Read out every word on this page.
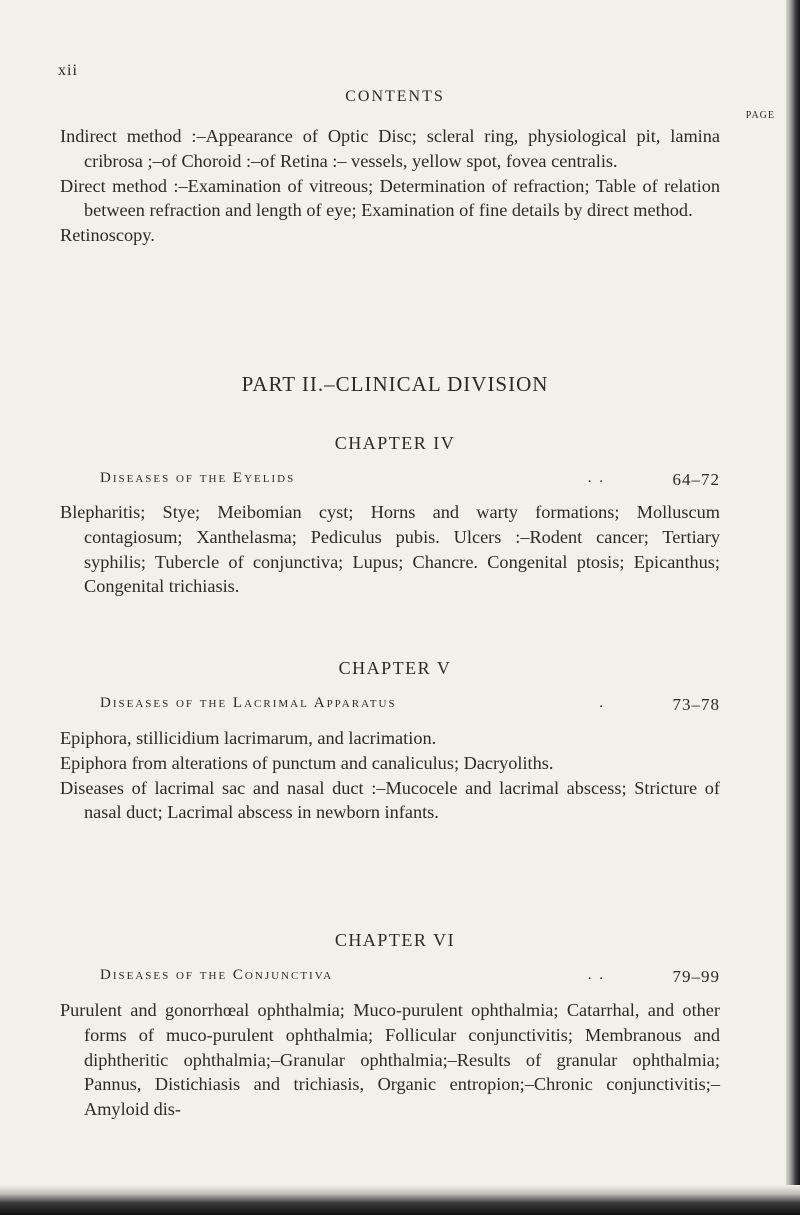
xii
CONTENTS
PAGE

Indirect method :–Appearance of Optic Disc; scleral ring, physiological pit, lamina cribrosa ;–of Choroid :–of Retina :– vessels, yellow spot, fovea centralis.

Direct method :–Examination of vitreous; Determination of refraction; Table of relation between refraction and length of eye; Examination of fine details by direct method.

Retinoscopy.

PART II.–CLINICAL DIVISION
CHAPTER IV
Diseases of the Eyelids	. .	64–72

Blepharitis; Stye; Meibomian cyst; Horns and warty formations; Molluscum contagiosum; Xanthelasma; Pediculus pubis. Ulcers :–Rodent cancer; Tertiary syphilis; Tubercle of conjunctiva; Lupus; Chancre. Congenital ptosis; Epicanthus; Congenital trichiasis.

CHAPTER V
Diseases of the Lacrimal Apparatus	.	73–78

Epiphora, stillicidium lacrimarum, and lacrimation.

Epiphora from alterations of punctum and canaliculus; Dacryoliths.

Diseases of lacrimal sac and nasal duct :–Mucocele and lacrimal abscess; Stricture of nasal duct; Lacrimal abscess in newborn infants.

CHAPTER VI
Diseases of the Conjunctiva	. .	79–99

Purulent and gonorrhœal ophthalmia; Muco-purulent ophthalmia; Catarrhal, and other forms of muco-purulent ophthalmia; Follicular conjunctivitis; Membranous and diphtheritic ophthalmia;–Granular ophthalmia;–Results of granular ophthalmia; Pannus, Distichiasis and trichiasis, Organic entropion;–Chronic conjunctivitis;–Amyloid dis-
